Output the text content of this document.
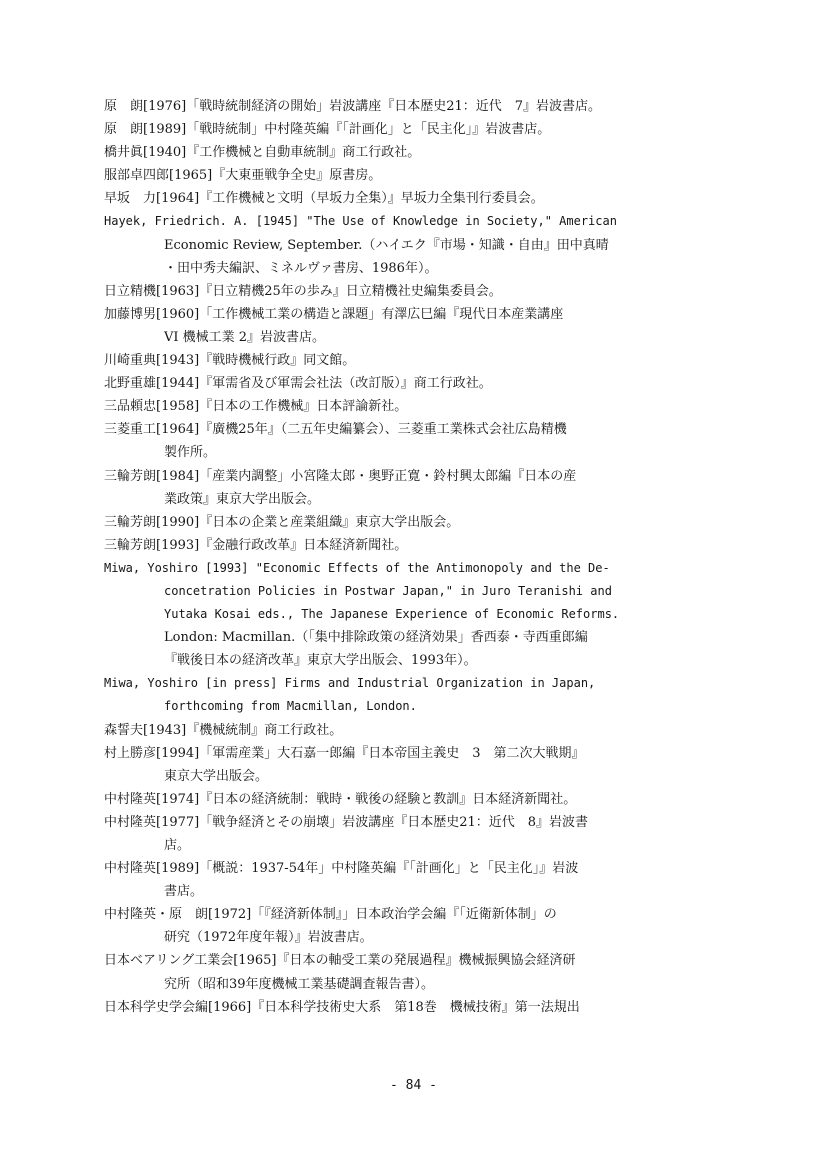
原　朗[1976]「戦時統制経済の開始」岩波講座『日本歴史21：近代　7』岩波書店。

原　朗[1989]「戦時統制」中村隆英編『「計画化」と「民主化」』岩波書店。

橋井眞[1940]『工作機械と自動車統制』商工行政社。

服部卓四郎[1965]『大東亜戦争全史』原書房。

早坂　力[1964]『工作機械と文明（早坂力全集）』早坂力全集刊行委員会。

Hayek, Friedrich. A. [1945] "The Use of Knowledge in Society," American
Economic Review, September.（ハイエク『市場・知識・自由』田中真晴
・田中秀夫編訳、ミネルヴァ書房、1986年）。

日立精機[1963]『日立精機25年の歩み』日立精機社史編集委員会。

加藤博男[1960]「工作機械工業の構造と課題」有澤広巳編『現代日本産業講座
VI 機械工業 2』岩波書店。

川崎重典[1943]『戦時機械行政』同文館。

北野重雄[1944]『軍需省及び軍需会社法（改訂版）』商工行政社。

三品頼忠[1958]『日本の工作機械』日本評論新社。

三菱重工[1964]『廣機25年』（二五年史編纂会）、三菱重工業株式会社広島精機
製作所。

三輪芳朗[1984]「産業内調整」小宮隆太郎・奥野正寛・鈴村興太郎編『日本の産
業政策』東京大学出版会。

三輪芳朗[1990]『日本の企業と産業組織』東京大学出版会。

三輪芳朗[1993]『金融行政改革』日本経済新聞社。

Miwa, Yoshiro [1993] "Economic Effects of the Antimonopoly and the De-
concetration Policies in Postwar Japan," in Juro Teranishi and
Yutaka Kosai eds., The Japanese Experience of Economic Reforms.
London: Macmillan.（「集中排除政策の経済効果」香西泰・寺西重郎編
『戦後日本の経済改革』東京大学出版会、1993年）。

Miwa, Yoshiro [in press] Firms and Industrial Organization in Japan,
forthcoming from Macmillan, London.

森誓夫[1943]『機械統制』商工行政社。

村上勝彦[1994]「軍需産業」大石嘉一郎編『日本帝国主義史　3　第二次大戦期』
東京大学出版会。

中村隆英[1974]『日本の経済統制：戦時・戦後の経験と教訓』日本経済新聞社。

中村隆英[1977]「戦争経済とその崩壊」岩波講座『日本歴史21：近代　8』岩波書
店。

中村隆英[1989]「概説：1937-54年」中村隆英編『「計画化」と「民主化」』岩波
書店。

中村隆英・原　朗[1972]「『経済新体制』」日本政治学会編『「近衛新体制」の
研究（1972年度年報）』岩波書店。

日本ベアリング工業会[1965]『日本の軸受工業の発展過程』機械振興協会経済研
究所（昭和39年度機械工業基礎調査報告書）。

日本科学史学会編[1966]『日本科学技術史大系　第18巻　機械技術』第一法規出

- 84 -
